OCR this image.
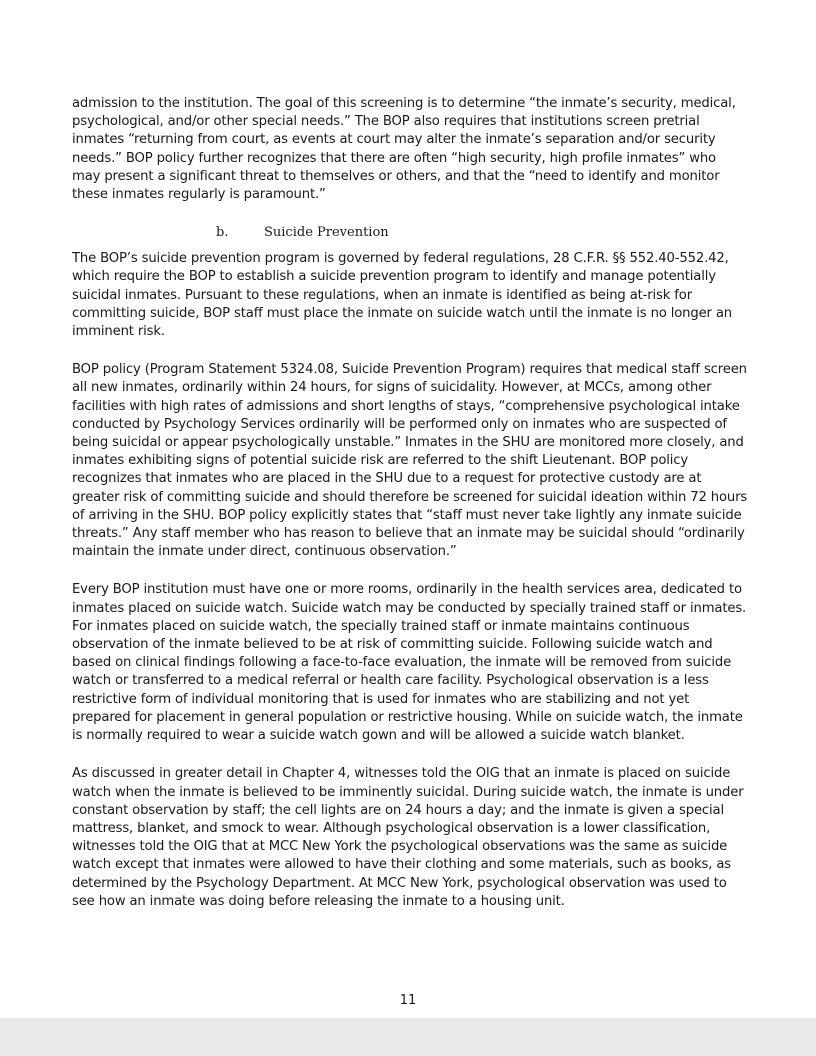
admission to the institution. The goal of this screening is to determine “the inmate’s security, medical, psychological, and/or other special needs.” The BOP also requires that institutions screen pretrial inmates “returning from court, as events at court may alter the inmate’s separation and/or security needs.” BOP policy further recognizes that there are often “high security, high profile inmates” who may present a significant threat to themselves or others, and that the “need to identify and monitor these inmates regularly is paramount.”

b.	Suicide Prevention

The BOP’s suicide prevention program is governed by federal regulations, 28 C.F.R. §§ 552.40-552.42, which require the BOP to establish a suicide prevention program to identify and manage potentially suicidal inmates. Pursuant to these regulations, when an inmate is identified as being at-risk for committing suicide, BOP staff must place the inmate on suicide watch until the inmate is no longer an imminent risk.

BOP policy (Program Statement 5324.08, Suicide Prevention Program) requires that medical staff screen all new inmates, ordinarily within 24 hours, for signs of suicidality. However, at MCCs, among other facilities with high rates of admissions and short lengths of stays, “comprehensive psychological intake conducted by Psychology Services ordinarily will be performed only on inmates who are suspected of being suicidal or appear psychologically unstable.” Inmates in the SHU are monitored more closely, and inmates exhibiting signs of potential suicide risk are referred to the shift Lieutenant. BOP policy recognizes that inmates who are placed in the SHU due to a request for protective custody are at greater risk of committing suicide and should therefore be screened for suicidal ideation within 72 hours of arriving in the SHU. BOP policy explicitly states that “staff must never take lightly any inmate suicide threats.” Any staff member who has reason to believe that an inmate may be suicidal should “ordinarily maintain the inmate under direct, continuous observation.”

Every BOP institution must have one or more rooms, ordinarily in the health services area, dedicated to inmates placed on suicide watch. Suicide watch may be conducted by specially trained staff or inmates. For inmates placed on suicide watch, the specially trained staff or inmate maintains continuous observation of the inmate believed to be at risk of committing suicide. Following suicide watch and based on clinical findings following a face-to-face evaluation, the inmate will be removed from suicide watch or transferred to a medical referral or health care facility. Psychological observation is a less restrictive form of individual monitoring that is used for inmates who are stabilizing and not yet prepared for placement in general population or restrictive housing. While on suicide watch, the inmate is normally required to wear a suicide watch gown and will be allowed a suicide watch blanket.

As discussed in greater detail in Chapter 4, witnesses told the OIG that an inmate is placed on suicide watch when the inmate is believed to be imminently suicidal. During suicide watch, the inmate is under constant observation by staff; the cell lights are on 24 hours a day; and the inmate is given a special mattress, blanket, and smock to wear. Although psychological observation is a lower classification, witnesses told the OIG that at MCC New York the psychological observations was the same as suicide watch except that inmates were allowed to have their clothing and some materials, such as books, as determined by the Psychology Department. At MCC New York, psychological observation was used to see how an inmate was doing before releasing the inmate to a housing unit.

11
